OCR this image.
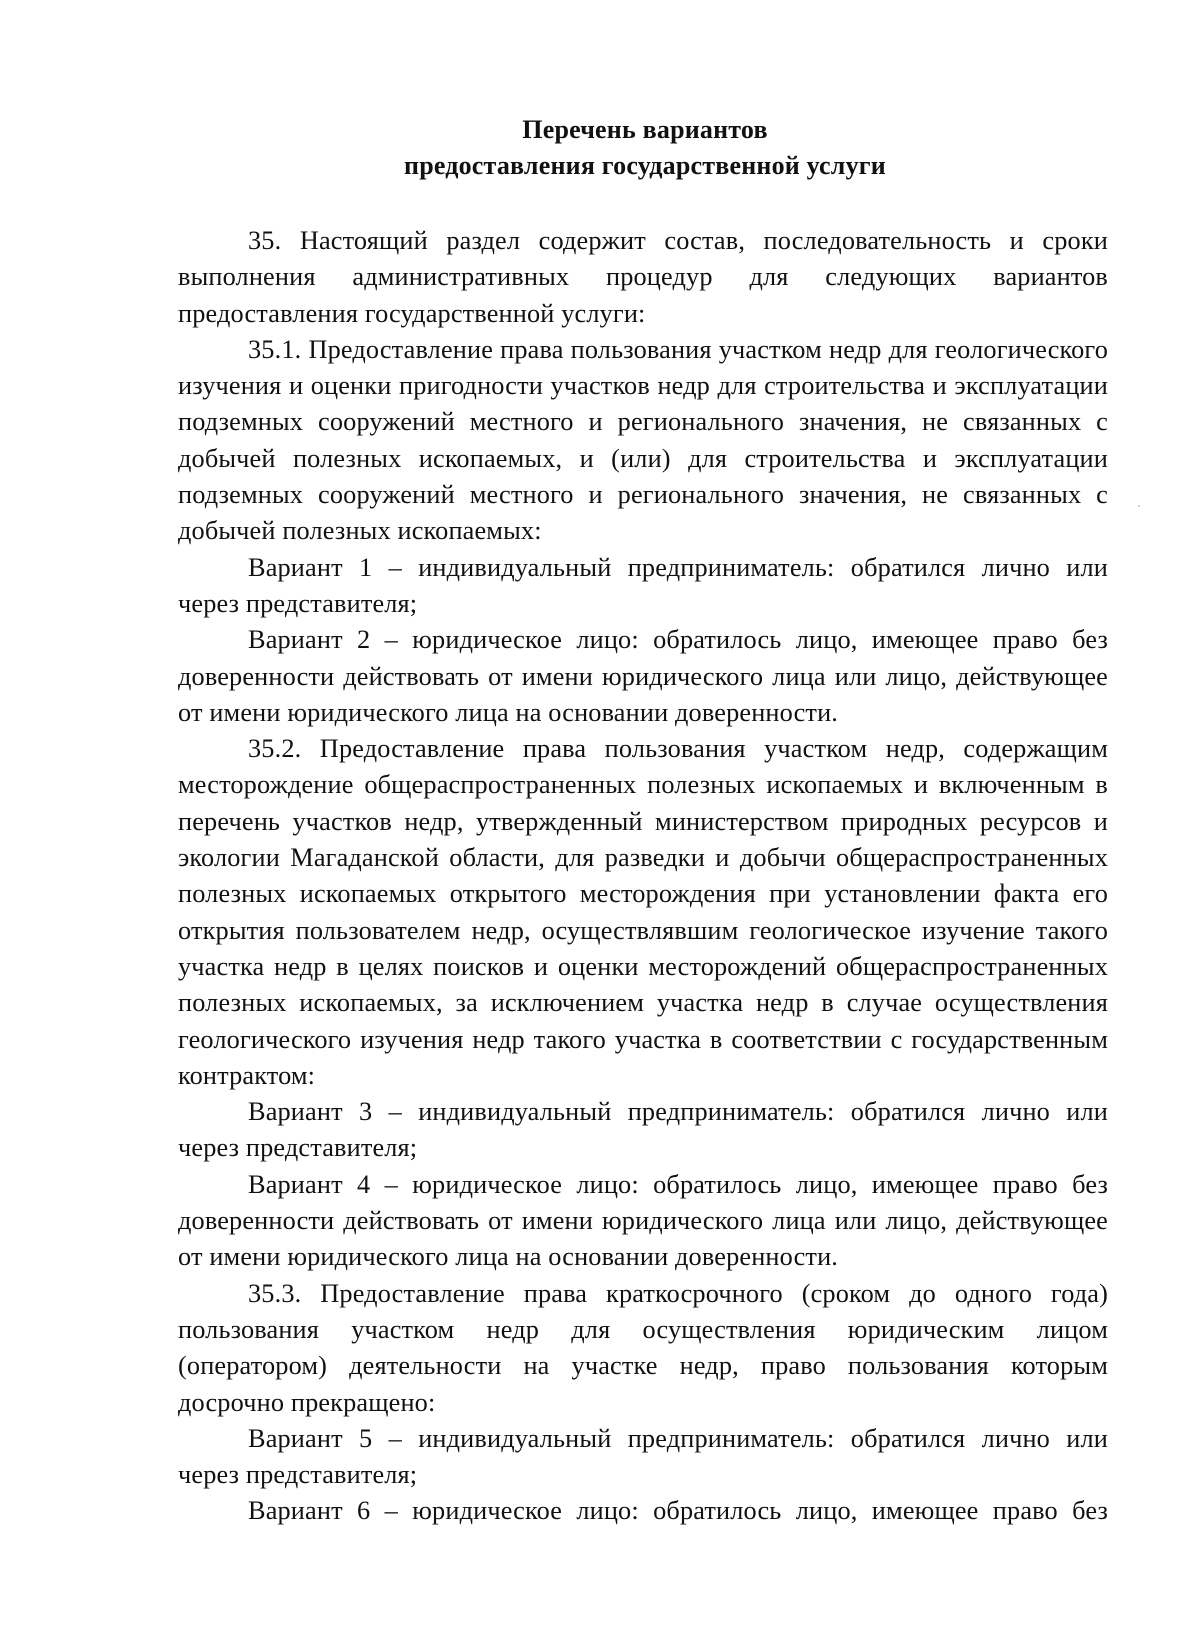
Перечень вариантов
предоставления государственной услуги

35. Настоящий раздел содержит состав, последовательность и сроки выполнения административных процедур для следующих вариантов предоставления государственной услуги:

35.1. Предоставление права пользования участком недр для геологического изучения и оценки пригодности участков недр для строительства и эксплуатации подземных сооружений местного и регионального значения, не связанных с добычей полезных ископаемых, и (или) для строительства и эксплуатации подземных сооружений местного и регионального значения, не связанных с добычей полезных ископаемых:

Вариант 1 – индивидуальный предприниматель: обратился лично или через представителя;

Вариант 2 – юридическое лицо: обратилось лицо, имеющее право без доверенности действовать от имени юридического лица или лицо, действующее от имени юридического лица на основании доверенности.

35.2. Предоставление права пользования участком недр, содержащим месторождение общераспространенных полезных ископаемых и включенным в перечень участков недр, утвержденный министерством природных ресурсов и экологии Магаданской области, для разведки и добычи общераспространенных полезных ископаемых открытого месторождения при установлении факта его открытия пользователем недр, осуществлявшим геологическое изучение такого участка недр в целях поисков и оценки месторождений общераспространенных полезных ископаемых, за исключением участка недр в случае осуществления геологического изучения недр такого участка в соответствии с государственным контрактом:

Вариант 3 – индивидуальный предприниматель: обратился лично или через представителя;

Вариант 4 – юридическое лицо: обратилось лицо, имеющее право без доверенности действовать от имени юридического лица или лицо, действующее от имени юридического лица на основании доверенности.

35.3. Предоставление права краткосрочного (сроком до одного года) пользования участком недр для осуществления юридическим лицом (оператором) деятельности на участке недр, право пользования которым досрочно прекращено:

Вариант 5 – индивидуальный предприниматель: обратился лично или через представителя;

Вариант 6 – юридическое лицо: обратилось лицо, имеющее право без
